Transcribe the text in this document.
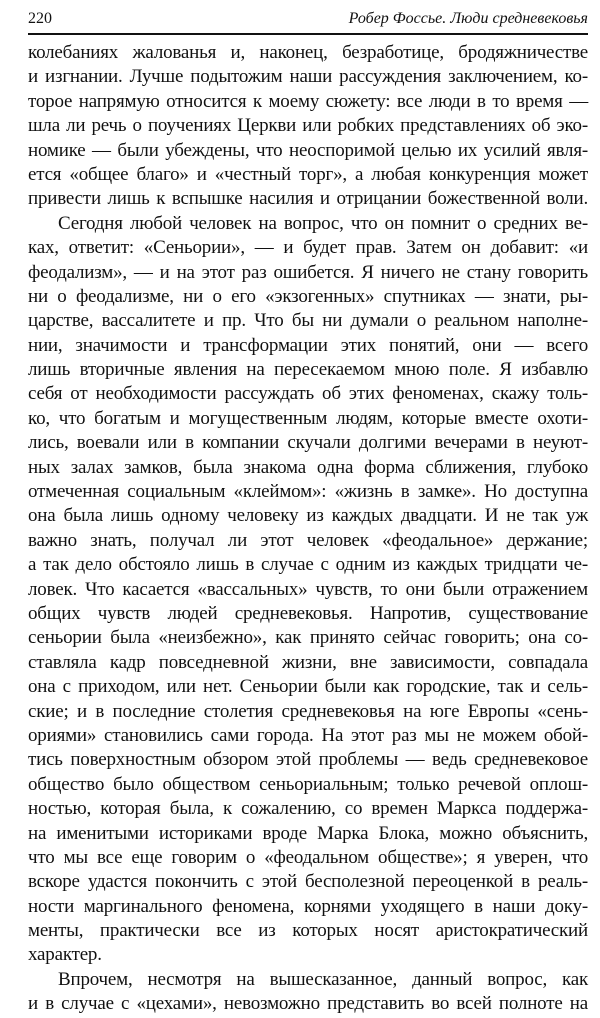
220	Робер Фоссье. Люди средневековья
колебаниях жалованья и, наконец, безработице, бродяжничестве
и изгнании. Лучше подытожим наши рассуждения заключением, ко-
торое напрямую относится к моему сюжету: все люди в то время —
шла ли речь о поучениях Церкви или робких представлениях об эко-
номике — были убеждены, что неоспоримой целью их усилий явля-
ется «общее благо» и «честный торг», а любая конкуренция может
привести лишь к вспышке насилия и отрицании божественной воли.
Сегодня любой человек на вопрос, что он помнит о средних ве-
ках, ответит: «Сеньории», — и будет прав. Затем он добавит: «и
феодализм», — и на этот раз ошибется. Я ничего не стану говорить
ни о феодализме, ни о его «экзогенных» спутниках — знати, ры-
царстве, вассалитете и пр. Что бы ни думали о реальном наполне-
нии, значимости и трансформации этих понятий, они — всего
лишь вторичные явления на пересекаемом мною поле. Я избавлю
себя от необходимости рассуждать об этих феноменах, скажу толь-
ко, что богатым и могущественным людям, которые вместе охоти-
лись, воевали или в компании скучали долгими вечерами в неуют-
ных залах замков, была знакома одна форма сближения, глубоко
отмеченная социальным «клеймом»: «жизнь в замке». Но доступна
она была лишь одному человеку из каждых двадцати. И не так уж
важно знать, получал ли этот человек «феодальное» держание;
а так дело обстояло лишь в случае с одним из каждых тридцати че-
ловек. Что касается «вассальных» чувств, то они были отражением
общих чувств людей средневековья. Напротив, существование
сеньории была «неизбежно», как принято сейчас говорить; она со-
ставляла кадр повседневной жизни, вне зависимости, совпадала
она с приходом, или нет. Сеньории были как городские, так и сель-
ские; и в последние столетия средневековья на юге Европы «сень-
ориями» становились сами города. На этот раз мы не можем обой-
тись поверхностным обзором этой проблемы — ведь средневековое
общество было обществом сеньориальным; только речевой оплош-
ностью, которая была, к сожалению, со времен Маркса поддержа-
на именитыми историками вроде Марка Блока, можно объяснить,
что мы все еще говорим о «феодальном обществе»; я уверен, что
вскоре удастся покончить с этой бесполезной переоценкой в реаль-
ности маргинального феномена, корнями уходящего в наши доку-
менты, практически все из которых носят аристократический
характер.
Впрочем, несмотря на вышесказанное, данный вопрос, как
и в случае с «цехами», невозможно представить во всей полноте на
